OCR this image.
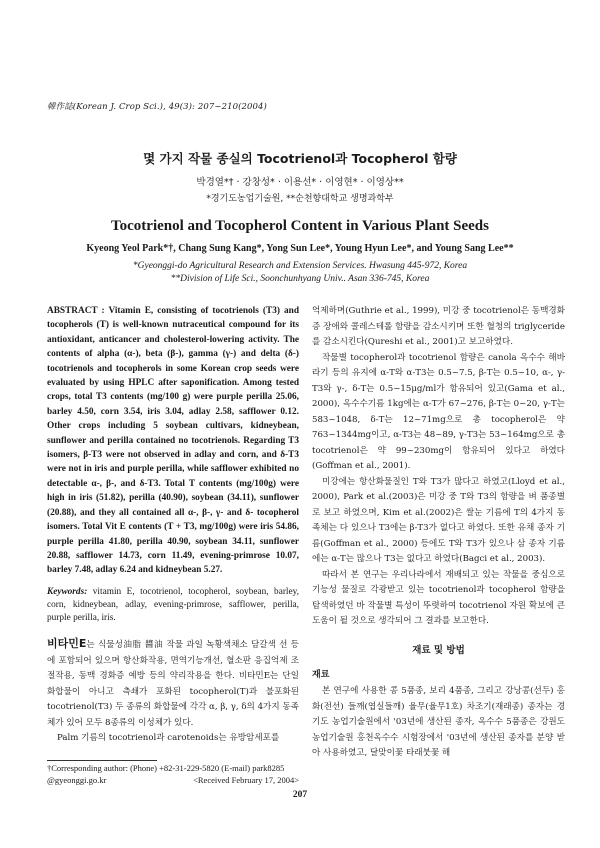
韓作誌(Korean J. Crop Sci.), 49(3): 207~210(2004)
몇 가지 작물 종실의 Tocotrienol과 Tocopherol 함량
박경열*† · 강창성* · 이용선* · 이영현* · 이영상**
*경기도농업기술원, **순천향대학교 생명과학부
Tocotrienol and Tocopherol Content in Various Plant Seeds
Kyeong Yeol Park*†, Chang Sung Kang*, Yong Sun Lee*, Young Hyun Lee*, and Young Sang Lee**
*Gyeonggi-do Agricultural Research and Extension Services. Hwasung 445-972, Korea
**Division of Life Sci., Soonchunhyang Univ.. Asan 336-745, Korea
ABSTRACT : Vitamin E, consisting of tocotrienols (T3) and tocopherols (T) is well-known nutraceutical compound for its antioxidant, anticancer and cholesterol-lowering activity. The contents of alpha (α-), beta (β-), gamma (γ-) and delta (δ-) tocotrienols and tocopherols in some Korean crop seeds were evaluated by using HPLC after saponification. Among tested crops, total T3 contents (mg/100 g) were purple perilla 25.06, barley 4.50, corn 3.54, iris 3.04, adlay 2.58, safflower 0.12. Other crops including 5 soybean cultivars, kidneybean, sunflower and perilla contained no tocotrienols. Regarding T3 isomers, β-T3 were not observed in adlay and corn, and δ-T3 were not in iris and purple perilla, while safflower exhibited no detectable α-, β-, and δ-T3. Total T contents (mg/100g) were high in iris (51.82), perilla (40.90), soybean (34.11), sunflower (20.88), and they all contained all α-, β-, γ- and δ- tocopherol isomers. Total Vit E contents (T + T3, mg/100g) were iris 54.86, purple perilla 41.80, perilla 40.90, soybean 34.11, sunflower 20.88, safflower 14.73, corn 11.49, evening-primrose 10.07, barley 7.48, adlay 6.24 and kidneybean 5.27.
Keywords: vitamin E, tocotrienol, tocopherol, soybean, barley, corn, kidneybean, adlay, evening-primrose, safflower, perilla, purple perilla, iris.

비타민E는 식물성油脂 醬油 작물 과일 녹황색채소 담갈색 선 등에 포함되어 있으며 항산화작용, 면역기능개선, 혈소판 응집억제 조절작용, 동맥 경화증 예방 등의 약리작용을 한다. 비타민E는 단일 화합물이 아니고 측쇄가 포화된 tocopherol(T)과 불포화된 tocotrienol(T3) 두 종류의 화합물에 각각 α, β, γ, δ의 4가지 동족체가 있어 모두 8종류의 이성체가 있다.

Palm 기름의 tocotrienol과 carotenoids는 유방암세포를

억제하며(Guthrie et al., 1999), 미강 중 tocotrienol은 동맥경화증 장애와 콜레스테롤 함량을 감소시키며 또한 혈청의 triglyceride를 감소시킨다(Qureshi et al., 2001)고 보고하였다.

작물별 tocopherol과 tocotrienol 함량은 canola 옥수수 해바라기 등의 유지에 α-T와 α-T3는 0.5~7.5, β-T는 0.5~10, α-, γ-T3와 γ-, δ-T는 0.5~15μg/ml가 함유되어 있고(Gama et al., 2000), 옥수수기름 1kg에는 α-T가 67~276, β-T는 0~20, γ-T는 583~1048, δ-T는 12~71mg으로 총 tocopherol은 약 763~1344mg이고, α-T3는 48~89, γ-T3는 53~164mg으로 총 tocotrienol은 약 99~230mg이 함유되어 있다고 하였다(Goffman et al., 2001).

미강에는 항산화물질인 T와 T3가 많다고 하였고(Lloyd et al., 2000), Park et al.(2003)은 미강 중 T와 T3의 함량을 벼 품종별로 보고 하였으며, Kim et al.(2002)은 쌀눈 기름에 T의 4가지 동족체는 다 있으나 T3에는 β-T3가 없다고 하였다. 또한 유채 종자 기름(Goffman et al., 2000) 등에도 T와 T3가 있으나 삼 종자 기름에는 α-T는 많으나 T3는 없다고 하였다(Bagci et al., 2003).

따라서 본 연구는 우리나라에서 재배되고 있는 작물을 중심으로 기능성 물질로 각광받고 있는 tocotrienol과 tocopherol 함량을 탐색하였던 바 작물별 특성이 뚜렷하여 tocotrienol 자원 확보에 큰 도움이 될 것으로 생각되어 그 결과를 보고한다.

재료 및 방법
재료

본 연구에 사용한 콩 5품종, 보리 4품종, 그리고 강낭콩(선두) 홍화(전선) 들깨(엽실들깨) 율무(율무1호) 차조기(재래종) 종자는 경기도 농업기술원에서 '03년에 생산된 종자, 옥수수 5품종은 강원도 농업기술원 홍천옥수수 시험장에서 '03년에 생산된 종자를 분양 받아 사용하였고, 달맞이꽃 타래붓꽃 해

†Corresponding author: (Phone) +82-31-229-5820 (E-mail) park8285
@gyeonggi.go.kr	<Received February 17, 2004>
207
